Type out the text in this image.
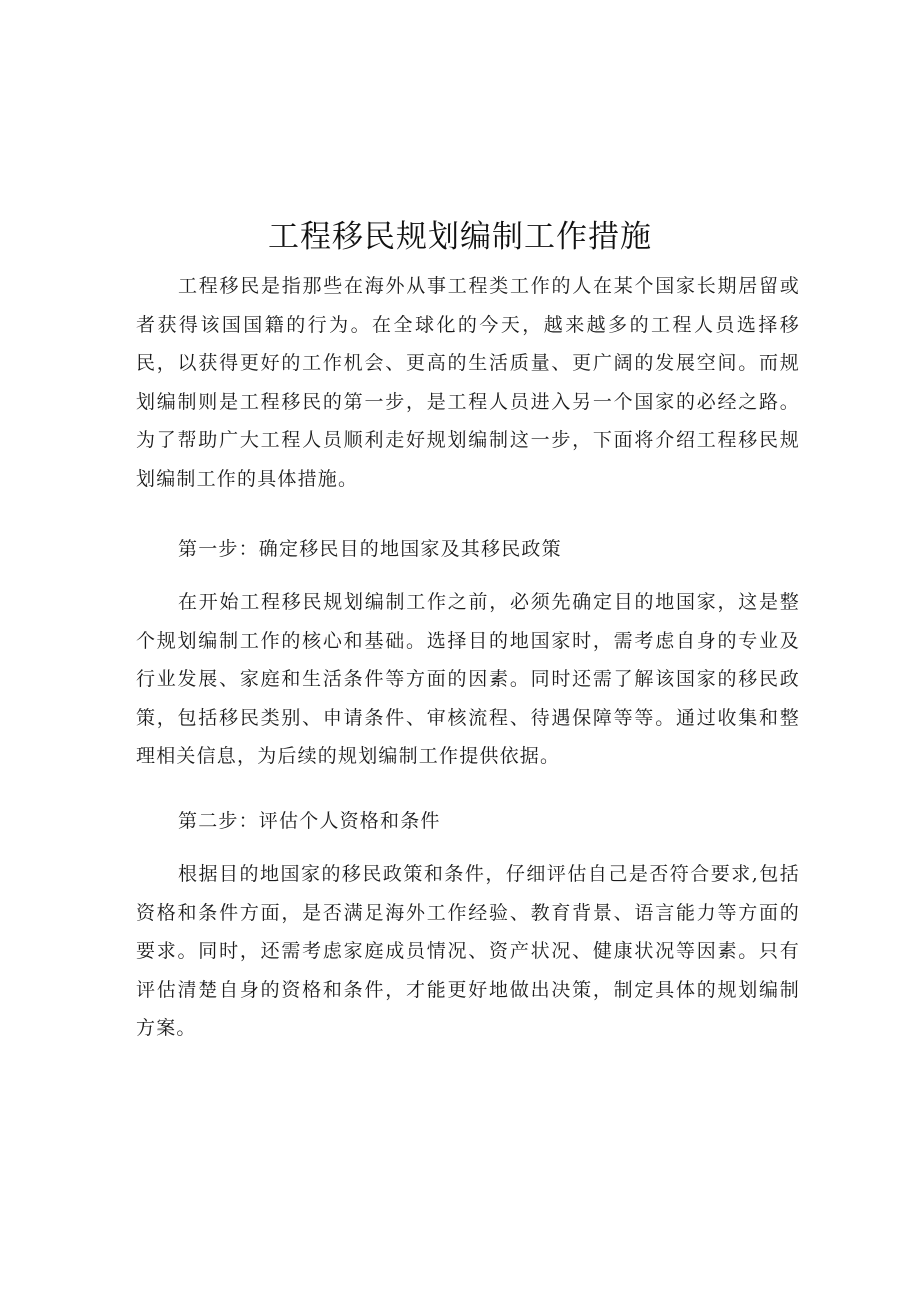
工程移民规划编制工作措施

工程移民是指那些在海外从事工程类工作的人在某个国家长期居留或者获得该国国籍的行为。在全球化的今天，越来越多的工程人员选择移民，以获得更好的工作机会、更高的生活质量、更广阔的发展空间。而规划编制则是工程移民的第一步，是工程人员进入另一个国家的必经之路。为了帮助广大工程人员顺利走好规划编制这一步，下面将介绍工程移民规划编制工作的具体措施。

第一步：确定移民目的地国家及其移民政策

在开始工程移民规划编制工作之前，必须先确定目的地国家，这是整个规划编制工作的核心和基础。选择目的地国家时，需考虑自身的专业及行业发展、家庭和生活条件等方面的因素。同时还需了解该国家的移民政策，包括移民类别、申请条件、审核流程、待遇保障等等。通过收集和整理相关信息，为后续的规划编制工作提供依据。

第二步：评估个人资格和条件

根据目的地国家的移民政策和条件，仔细评估自己是否符合要求,包括资格和条件方面，是否满足海外工作经验、教育背景、语言能力等方面的要求。同时，还需考虑家庭成员情况、资产状况、健康状况等因素。只有评估清楚自身的资格和条件，才能更好地做出决策，制定具体的规划编制方案。
